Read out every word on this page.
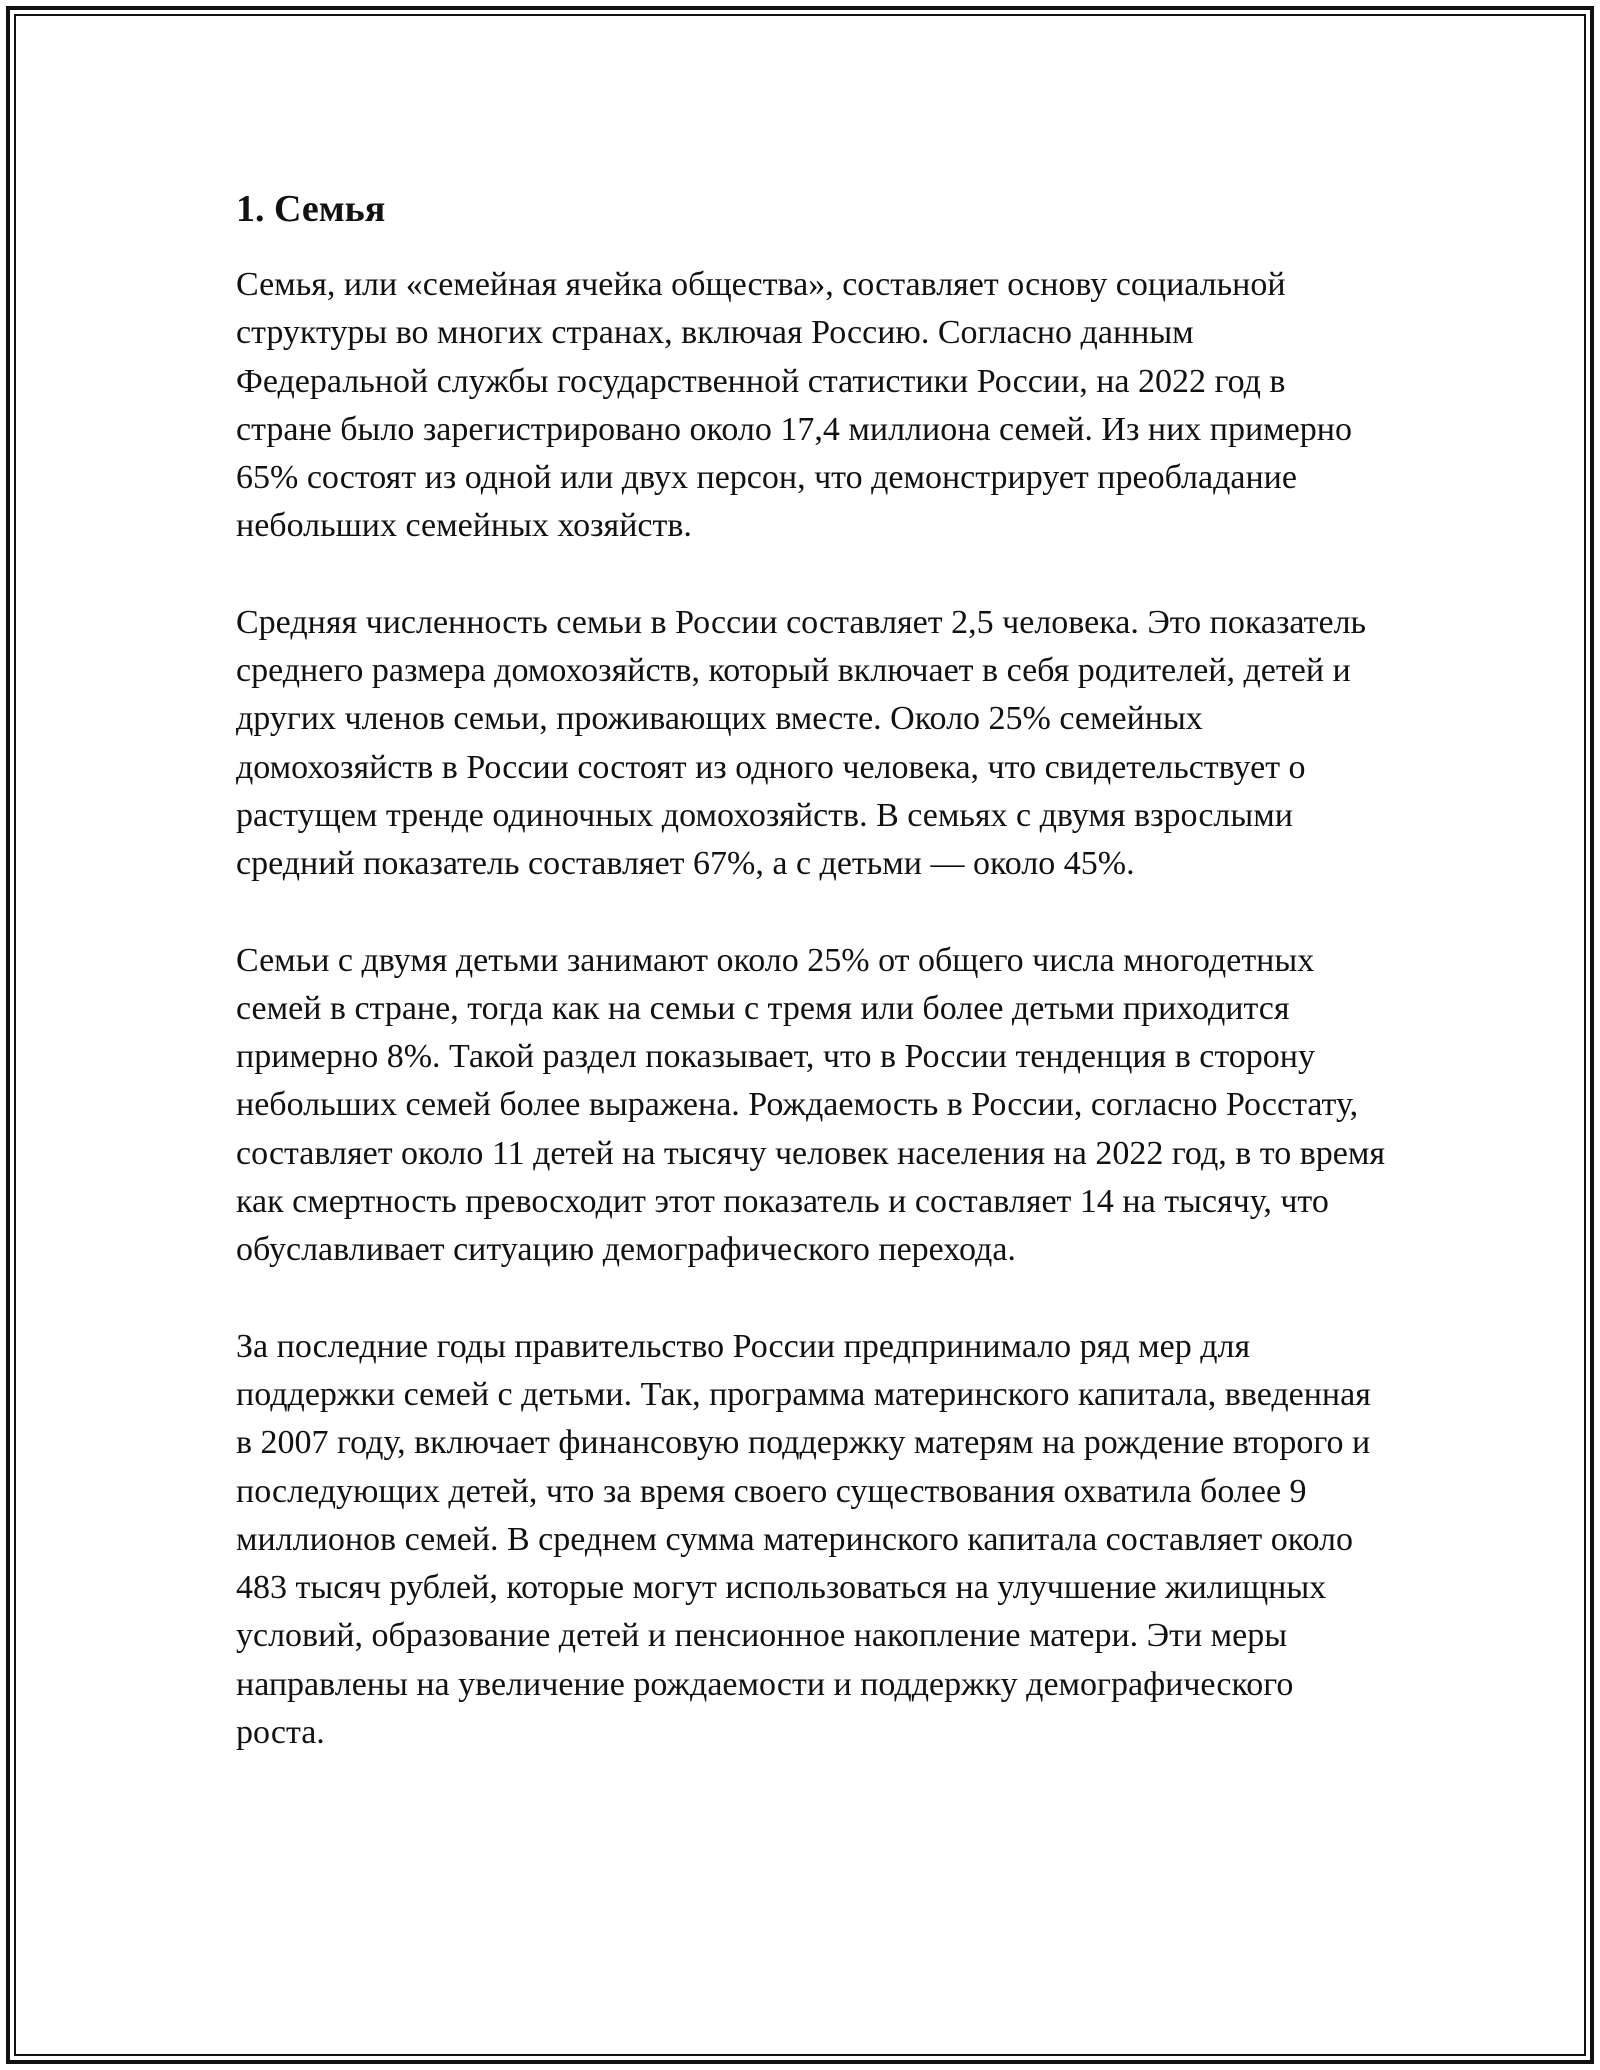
1. Семья

Семья, или «семейная ячейка общества», составляет основу социальной структуры во многих странах, включая Россию. Согласно данным Федеральной службы государственной статистики России, на 2022 год в стране было зарегистрировано около 17,4 миллиона семей. Из них примерно 65% состоят из одной или двух персон, что демонстрирует преобладание небольших семейных хозяйств.

Средняя численность семьи в России составляет 2,5 человека. Это показатель среднего размера домохозяйств, который включает в себя родителей, детей и других членов семьи, проживающих вместе. Около 25% семейных домохозяйств в России состоят из одного человека, что свидетельствует о растущем тренде одиночных домохозяйств. В семьях с двумя взрослыми средний показатель составляет 67%, а с детьми — около 45%.

Семьи с двумя детьми занимают около 25% от общего числа многодетных семей в стране, тогда как на семьи с тремя или более детьми приходится примерно 8%. Такой раздел показывает, что в России тенденция в сторону небольших семей более выражена. Рождаемость в России, согласно Росстату, составляет около 11 детей на тысячу человек населения на 2022 год, в то время как смертность превосходит этот показатель и составляет 14 на тысячу, что обуславливает ситуацию демографического перехода.

За последние годы правительство России предпринимало ряд мер для поддержки семей с детьми. Так, программа материнского капитала, введенная в 2007 году, включает финансовую поддержку матерям на рождение второго и последующих детей, что за время своего существования охватила более 9 миллионов семей. В среднем сумма материнского капитала составляет около 483 тысяч рублей, которые могут использоваться на улучшение жилищных условий, образование детей и пенсионное накопление матери. Эти меры направлены на увеличение рождаемости и поддержку демографического роста.
